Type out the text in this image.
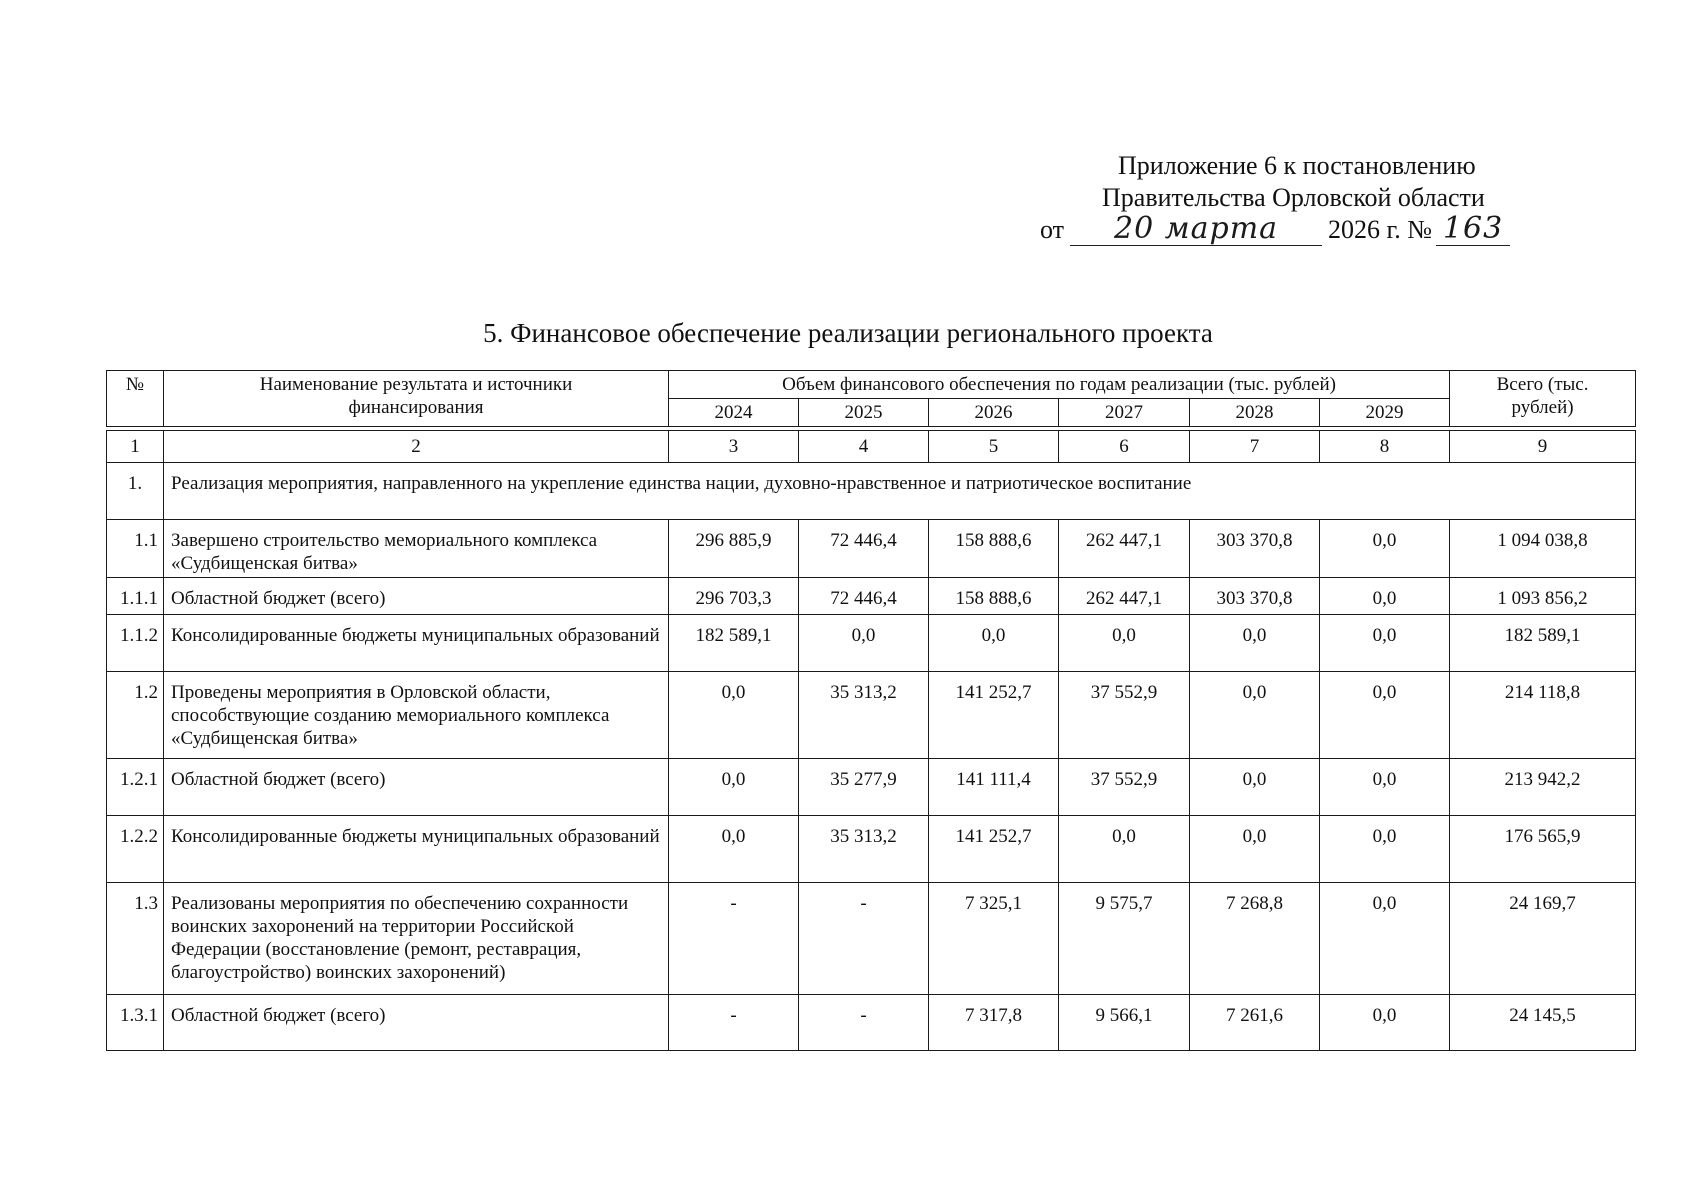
Приложение 6 к постановлению
Правительства Орловской области
от	20 марта	2026 г. № 163
5. Финансовое обеспечение реализации регионального проекта
№	Наименование результата и источники финансирования	Объем финансового обеспечения по годам реализации (тыс. рублей)						Всего (тыс. рублей)
		2024	2025	2026	2027	2028	2029	

1	2	3	4	5	6	7	8	9
1.	Реализация мероприятия, направленного на укрепление единства нации, духовно-нравственное и патриотическое воспитание							
1.1	Завершено строительство мемориального комплекса «Судбищенская битва»	296 885,9	72 446,4	158 888,6	262 447,1	303 370,8	0,0	1 094 038,8
1.1.1	Областной бюджет (всего)	296 703,3	72 446,4	158 888,6	262 447,1	303 370,8	0,0	1 093 856,2
1.1.2	Консолидированные бюджеты муниципальных образований	182 589,1	0,0	0,0	0,0	0,0	0,0	182 589,1
1.2	Проведены мероприятия в Орловской области, способствующие созданию мемориального комплекса «Судбищенская битва»	0,0	35 313,2	141 252,7	37 552,9	0,0	0,0	214 118,8
1.2.1	Областной бюджет (всего)	0,0	35 277,9	141 111,4	37 552,9	0,0	0,0	213 942,2
1.2.2	Консолидированные бюджеты муниципальных образований	0,0	35 313,2	141 252,7	0,0	0,0	0,0	176 565,9
1.3	Реализованы мероприятия по обеспечению сохранности воинских захоронений на территории Российской Федерации (восстановление (ремонт, реставрация, благоустройство) воинских захоронений)	-	-	7 325,1	9 575,7	7 268,8	0,0	24 169,7
1.3.1	Областной бюджет (всего)	-	-	7 317,8	9 566,1	7 261,6	0,0	24 145,5
